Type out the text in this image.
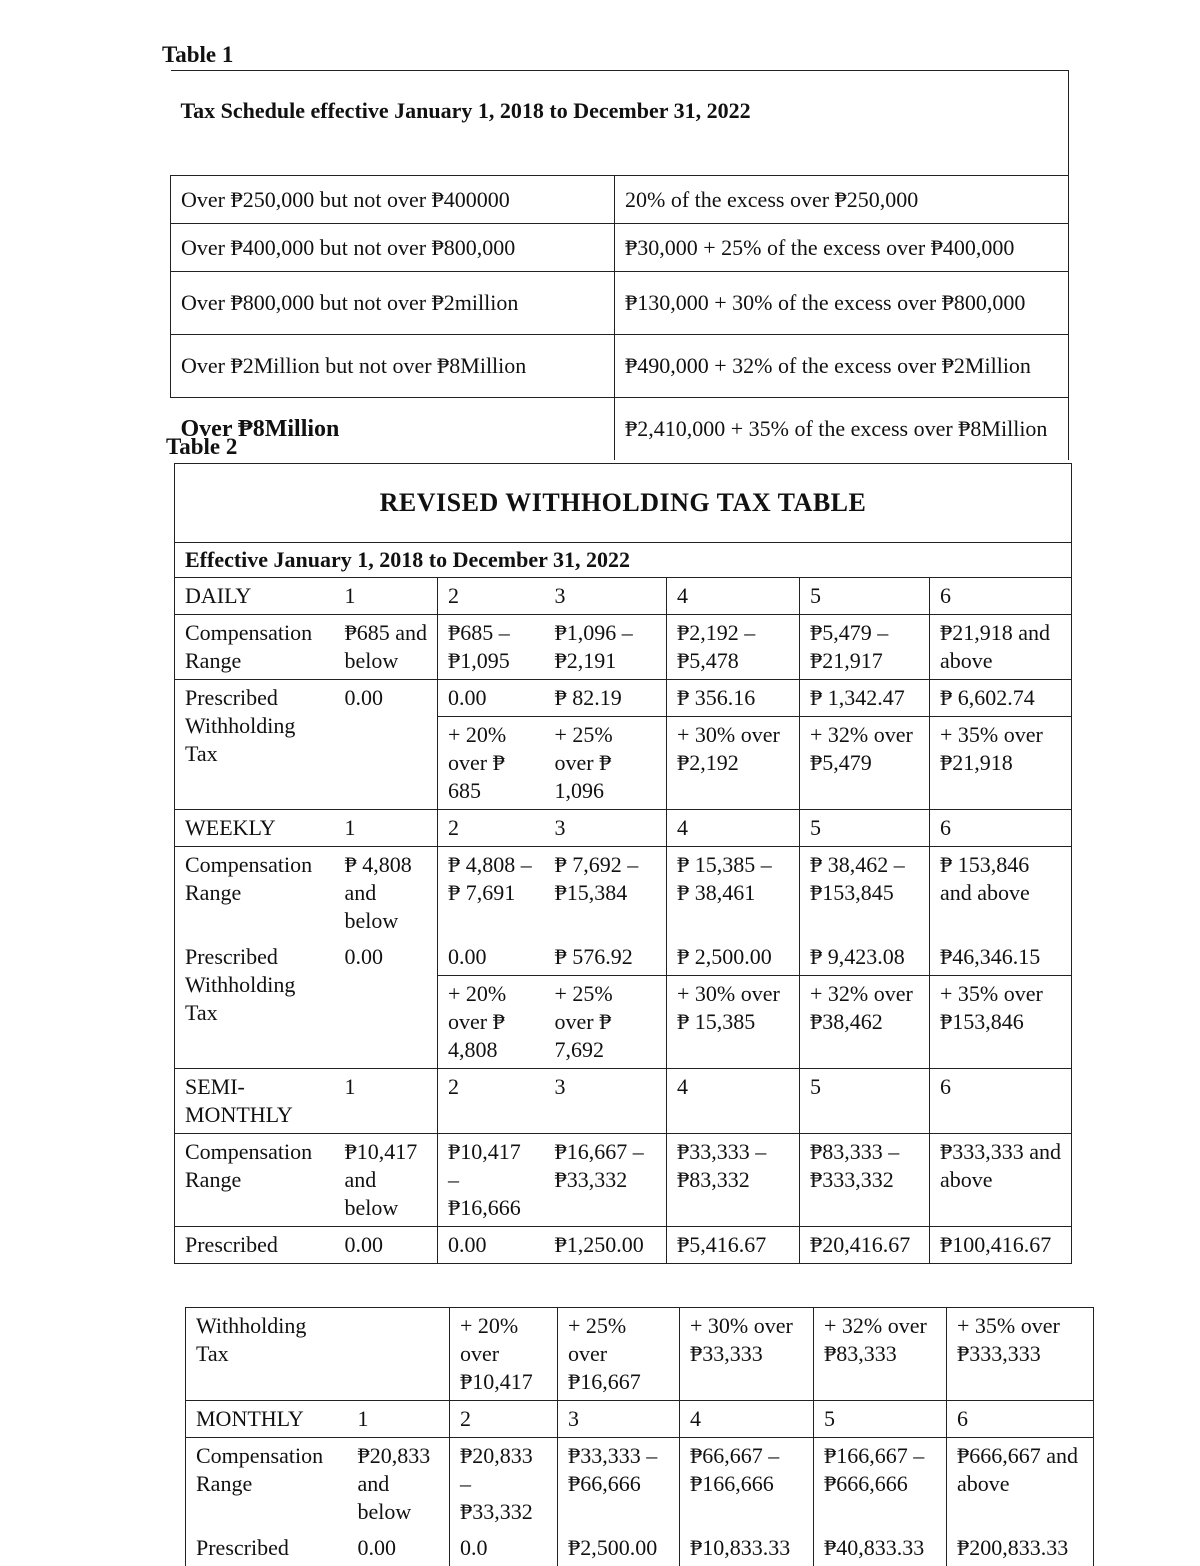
Table 1
Tax Schedule effective January 1, 2018 to December 31, 2022	
Over ₱250,000 but not over ₱400000	20% of the excess over ₱250,000
Over ₱400,000 but not over ₱800,000	₱30,000 + 25% of the excess over ₱400,000
Over ₱800,000 but not over ₱2million	₱130,000 + 30% of the excess over ₱800,000
Over ₱2Million but not over ₱8Million	₱490,000 + 32% of the excess over ₱2Million
Over ₱8Million	₱2,410,000 + 35% of the excess over ₱8Million
Table 2
REVISED WITHHOLDING TAX TABLE						
Effective January 1, 2018 to December 31, 2022						
DAILY	1	2	3	4	5	6
Compensation Range	₱685 and below	₱685 – ₱1,095	₱1,096 – ₱2,191	₱2,192 – ₱5,478	₱5,479 – ₱21,917	₱21,918 and above
Prescribed Withholding Tax	0.00	0.00	₱ 82.19	₱ 356.16	₱ 1,342.47	₱ 6,602.74
		+ 20% over ₱ 685	+ 25% over ₱ 1,096	+ 30% over ₱2,192	+ 32% over ₱5,479	+ 35% over ₱21,918
WEEKLY	1	2	3	4	5	6
Compensation Range	₱ 4,808 and below	₱ 4,808 – ₱ 7,691	₱ 7,692 – ₱15,384	₱ 15,385 – ₱ 38,461	₱ 38,462 – ₱153,845	₱ 153,846 and above
Prescribed Withholding Tax	0.00	0.00	₱ 576.92	₱ 2,500.00	₱ 9,423.08	₱46,346.15
		+ 20% over ₱ 4,808	+ 25% over ₱ 7,692	+ 30% over ₱ 15,385	+ 32% over ₱38,462	+ 35% over ₱153,846
SEMI-MONTHLY	1	2	3	4	5	6
Compensation Range	₱10,417 and below	₱10,417 – ₱16,666	₱16,667 – ₱33,332	₱33,333 – ₱83,332	₱83,333 – ₱333,332	₱333,333 and above
Prescribed	0.00	0.00	₱1,250.00	₱5,416.67	₱20,416.67	₱100,416.67
Withholding Tax		+ 20% over ₱10,417	+ 25% over ₱16,667	+ 30% over ₱33,333	+ 32% over ₱83,333	+ 35% over ₱333,333
MONTHLY	1	2	3	4	5	6
Compensation Range	₱20,833 and below	₱20,833 – ₱33,332	₱33,333 – ₱66,666	₱66,667 – ₱166,666	₱166,667 – ₱666,666	₱666,667 and above
Prescribed	0.00	0.0	₱2,500.00	₱10,833.33	₱40,833.33	₱200,833.33
